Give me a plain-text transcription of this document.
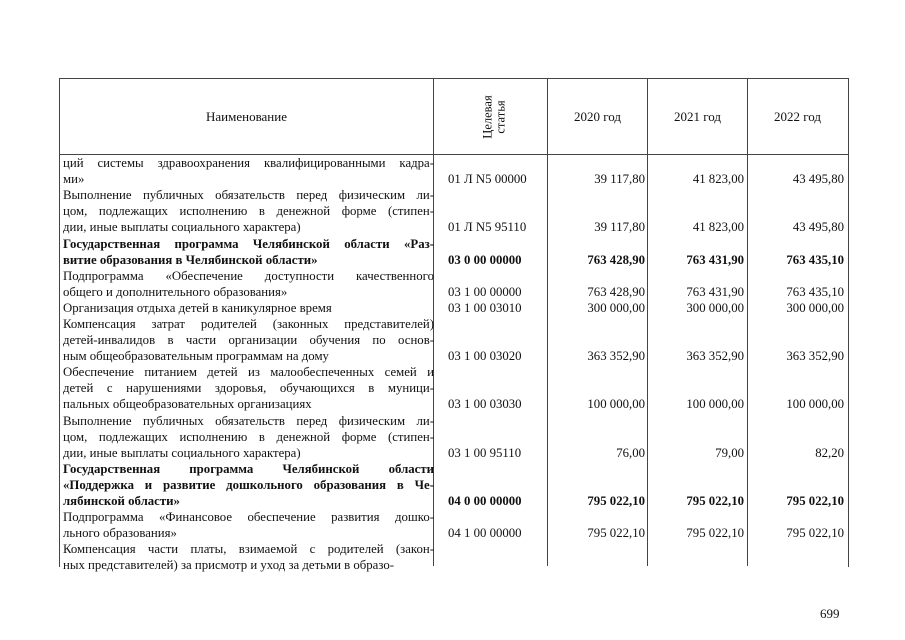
Наименование	Целевая статья	2020 год	2021 год	2022 год
ций системы здравоохранения квалифицированными кадра-
ми»	01 Л N5 00000	39 117,80	41 823,00	43 495,80
Выполнение публичных обязательств перед физическим ли-
цом, подлежащих исполнению в денежной форме (стипен-
дии, иные выплаты социального характера)	01 Л N5 95110	39 117,80	41 823,00	43 495,80
Государственная программа Челябинской области «Раз-
витие образования в Челябинской области»	03 0 00 00000	763 428,90	763 431,90	763 435,10
Подпрограмма «Обеспечение доступности качественного
общего и дополнительного образования»	03 1 00 00000	763 428,90	763 431,90	763 435,10
Организация отдыха детей в каникулярное время	03 1 00 03010	300 000,00	300 000,00	300 000,00
Компенсация затрат родителей (законных представителей)
детей-инвалидов в части организации обучения по основ-
ным общеобразовательным программам на дому	03 1 00 03020	363 352,90	363 352,90	363 352,90
Обеспечение питанием детей из малообеспеченных семей и
детей с нарушениями здоровья, обучающихся в муници-
пальных общеобразовательных организациях	03 1 00 03030	100 000,00	100 000,00	100 000,00
Выполнение публичных обязательств перед физическим ли-
цом, подлежащих исполнению в денежной форме (стипен-
дии, иные выплаты социального характера)	03 1 00 95110	76,00	79,00	82,20
Государственная программа Челябинской области
«Поддержка и развитие дошкольного образования в Че-
лябинской области»	04 0 00 00000	795 022,10	795 022,10	795 022,10
Подпрограмма «Финансовое обеспечение развития дошко-
льного образования»	04 1 00 00000	795 022,10	795 022,10	795 022,10
Компенсация части платы, взимаемой с родителей (закон-
ных представителей) за присмотр и уход за детьми в образо-
699
